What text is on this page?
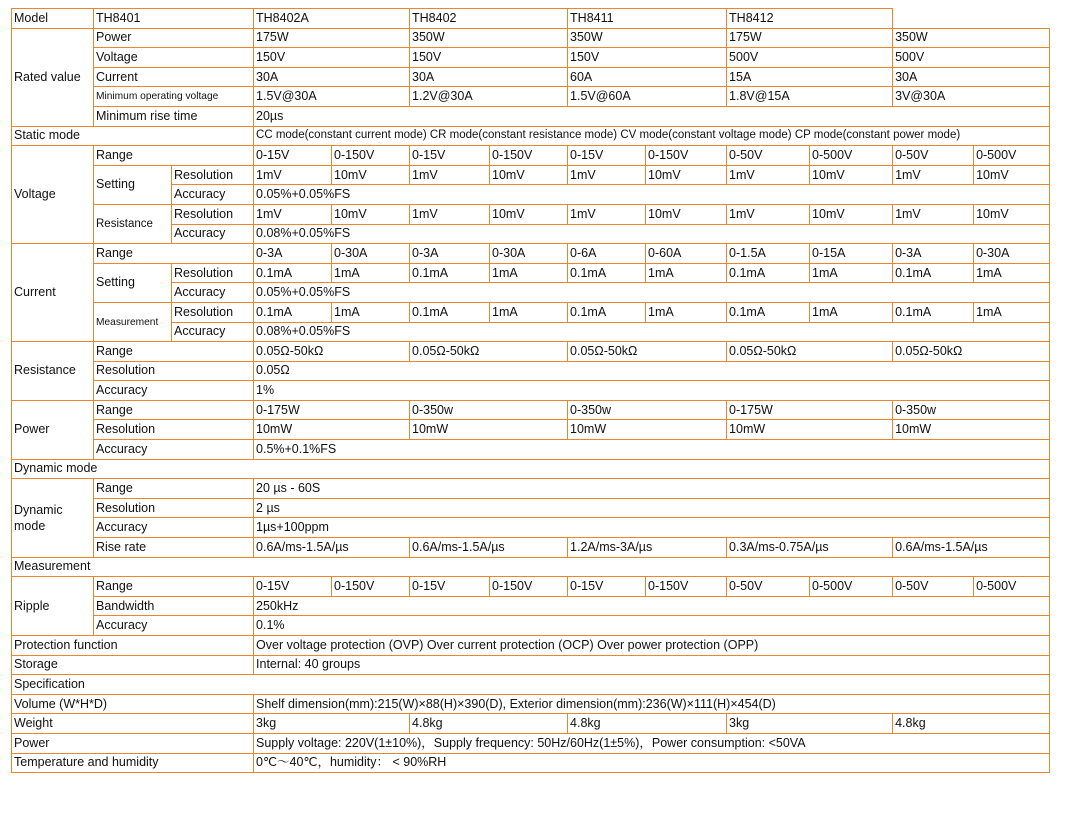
Model	TH8401		TH8402A		TH8402		TH8411		TH8412			
Rated value	Power		175W		350W		350W		175W		350W	
	Voltage		150V		150V		150V		500V		500V	
	Current		30A		30A		60A		15A		30A	
	Minimum operating voltage		1.5V@30A		1.2V@30A		1.5V@60A		1.8V@15A		3V@30A	
	Minimum rise time		20µs									
Static mode			CC mode(constant current mode) CR mode(constant resistance mode) CV mode(constant voltage mode) CP mode(constant power mode)									
Voltage	Range		0-15V	0-150V	0-15V	0-150V	0-15V	0-150V	0-50V	0-500V	0-50V	0-500V
	Setting	Resolution	1mV	10mV	1mV	10mV	1mV	10mV	1mV	10mV	1mV	10mV
		Accuracy	0.05%+0.05%FS									
	Resistance	Resolution	1mV	10mV	1mV	10mV	1mV	10mV	1mV	10mV	1mV	10mV
		Accuracy	0.08%+0.05%FS									
Current	Range		0-3A	0-30A	0-3A	0-30A	0-6A	0-60A	0-1.5A	0-15A	0-3A	0-30A
	Setting	Resolution	0.1mA	1mA	0.1mA	1mA	0.1mA	1mA	0.1mA	1mA	0.1mA	1mA
		Accuracy	0.05%+0.05%FS									
	Measurement	Resolution	0.1mA	1mA	0.1mA	1mA	0.1mA	1mA	0.1mA	1mA	0.1mA	1mA
		Accuracy	0.08%+0.05%FS									
Resistance	Range		0.05Ω-50kΩ		0.05Ω-50kΩ		0.05Ω-50kΩ		0.05Ω-50kΩ		0.05Ω-50kΩ	
	Resolution		0.05Ω									
	Accuracy		1%									
Power	Range		0-175W		0-350w		0-350w		0-175W		0-350w	
	Resolution		10mW		10mW		10mW		10mW		10mW	
	Accuracy		0.5%+0.1%FS									
Dynamic mode												
Dynamic mode	Range		20 µs - 60S									
	Resolution		2 µs									
	Accuracy		1µs+100ppm									
	Rise rate		0.6A/ms-1.5A/µs		0.6A/ms-1.5A/µs		1.2A/ms-3A/µs		0.3A/ms-0.75A/µs		0.6A/ms-1.5A/µs	
Measurement												
Ripple	Range		0-15V	0-150V	0-15V	0-150V	0-15V	0-150V	0-50V	0-500V	0-50V	0-500V
	Bandwidth		250kHz									
	Accuracy		0.1%									
Protection function			Over voltage protection (OVP) Over current protection (OCP) Over power protection (OPP)									
Storage			Internal: 40 groups									
Specification												
Volume (W*H*D)			Shelf dimension(mm):215(W)×88(H)×390(D), Exterior dimension(mm):236(W)×111(H)×454(D)									
Weight			3kg		4.8kg		4.8kg		3kg		4.8kg	
Power			Supply voltage: 220V(1±10%)，Supply frequency: 50Hz/60Hz(1±5%)，Power consumption: <50VA									
Temperature and humidity			0℃～40℃，humidity： < 90%RH									
